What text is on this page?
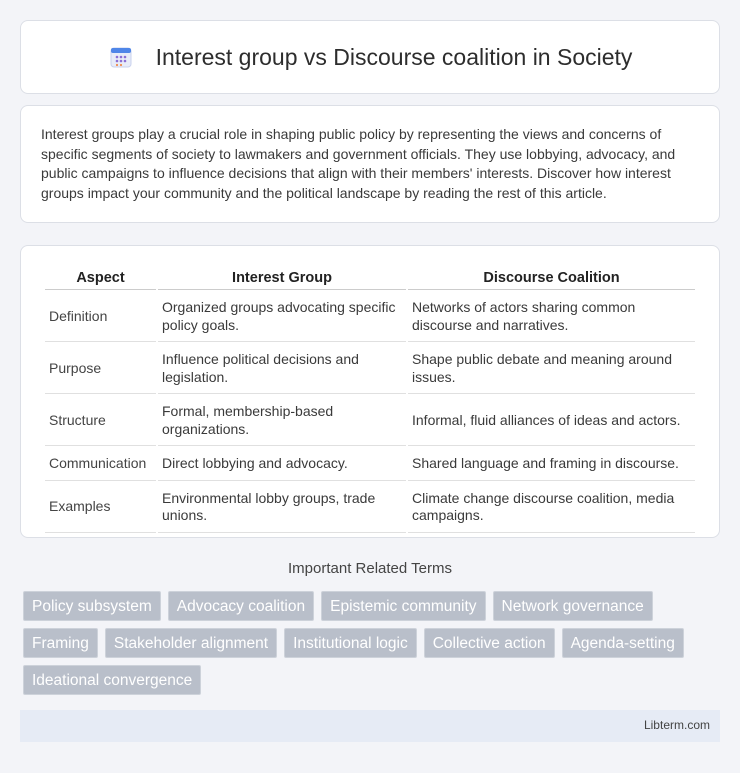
Interest group vs Discourse coalition in Society

Interest groups play a crucial role in shaping public policy by representing the views and concerns of specific segments of society to lawmakers and government officials. They use lobbying, advocacy, and public campaigns to influence decisions that align with their members' interests. Discover how interest groups impact your community and the political landscape by reading the rest of this article.

Aspect	Interest Group	Discourse Coalition
Definition	Organized groups advocating specific policy goals.	Networks of actors sharing common discourse and narratives.
Purpose	Influence political decisions and legislation.	Shape public debate and meaning around issues.
Structure	Formal, membership-based organizations.	Informal, fluid alliances of ideas and actors.
Communication	Direct lobbying and advocacy.	Shared language and framing in discourse.
Examples	Environmental lobby groups, trade unions.	Climate change discourse coalition, media campaigns.
Important Related Terms
Policy subsystem	Advocacy coalition	Epistemic community	Network governance
Framing	Stakeholder alignment	Institutional logic	Collective action	Agenda-setting
Ideational convergence
Libterm.com
